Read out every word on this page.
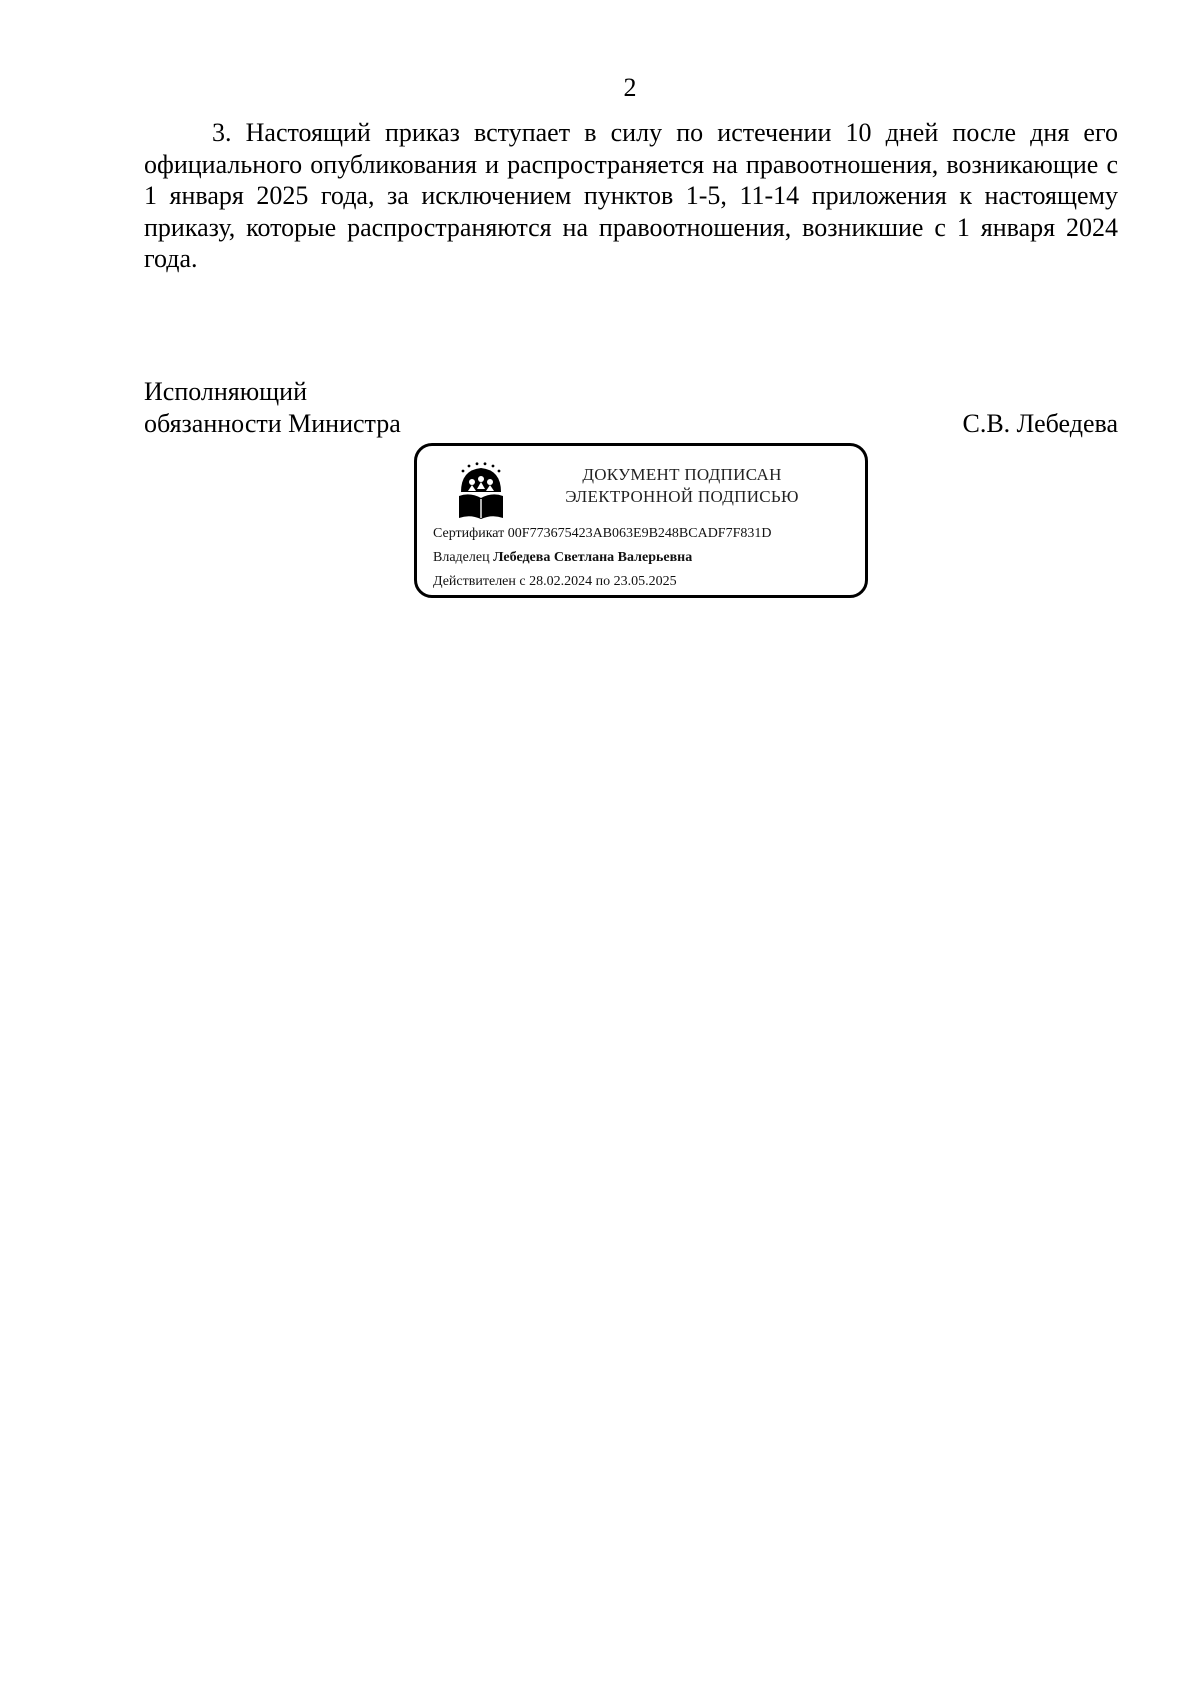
2

3. Настоящий приказ вступает в силу по истечении 10 дней после дня его официального опубликования и распространяется на правоотношения, возникающие с 1 января 2025 года, за исключением пунктов 1-5, 11-14 приложения к настоящему приказу, которые распространяются на правоотношения, возникшие с 1 января 2024 года.

Исполняющий
обязанности Министра	С.В. Лебедева
ДОКУМЕНТ ПОДПИСАН
ЭЛЕКТРОННОЙ ПОДПИСЬЮ
Сертификат 00F773675423AB063E9B248BCADF7F831D
Владелец Лебедева Светлана Валерьевна
Действителен с 28.02.2024 по 23.05.2025
